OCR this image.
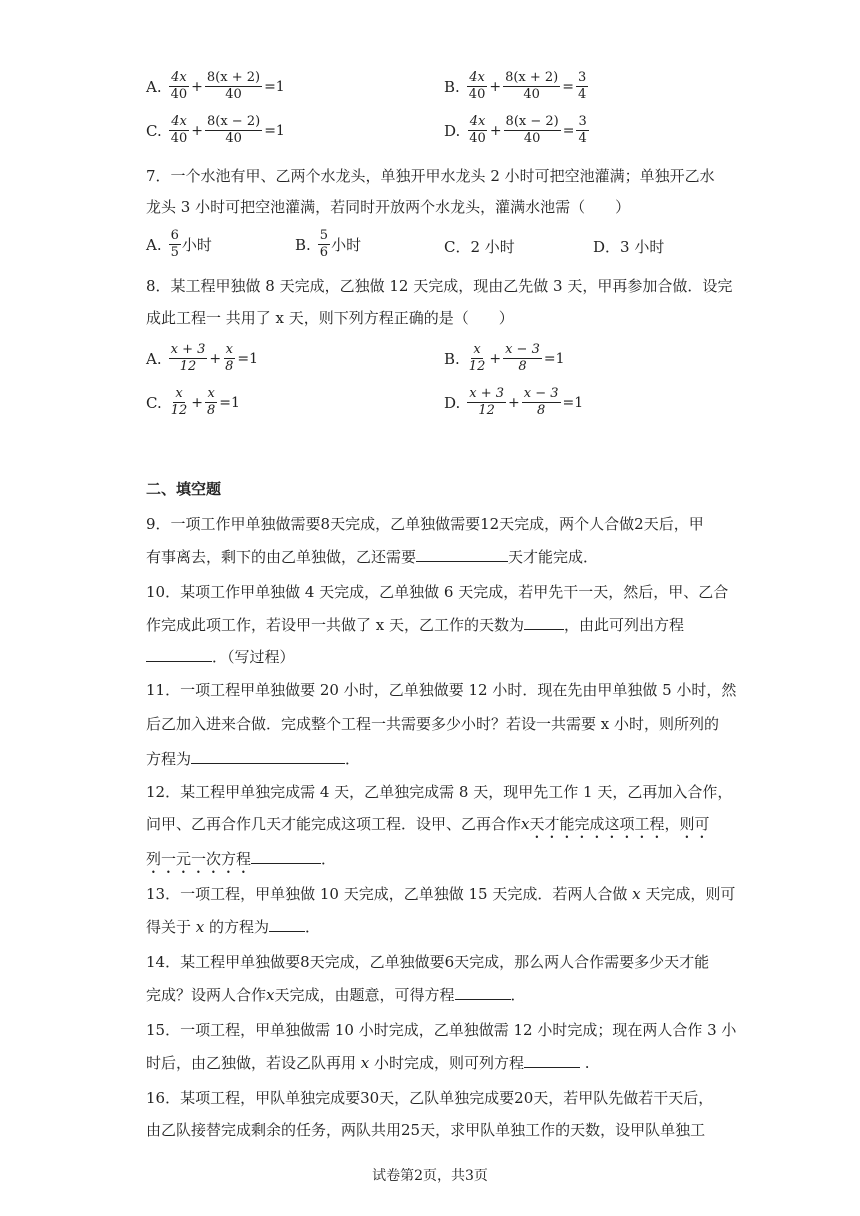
A. $\frac{4x}{40} + \frac{8(x + 2)}{40} =1$	B. $\frac{4x}{40} + \frac{8(x + 2)}{40} = \frac{3}{4}$
C. $\frac{4x}{40} + \frac{8(x - 2)}{40} =1$	D. $\frac{4x}{40} + \frac{8(x - 2)}{40} = \frac{3}{4}$
7．一个水池有甲、乙两个水龙头，单独开甲水龙头 2 小时可把空池灌满；单独开乙水
龙头 3 小时可把空池灌满，若同时开放两个水龙头，灌满水池需（　　）
A. $\frac{6}{5}$ 小时	B. $\frac{5}{6}$ 小时	C．2 小时	D．3 小时
8．某工程甲独做 8 天完成，乙独做 12 天完成，现由乙先做 3 天，甲再参加合做．设完
成此工程一 共用了 x 天，则下列方程正确的是（　　）
A. $\frac{x + 3}{12} + \frac{x}{8} =1$	B. $\frac{x}{12} + \frac{x - 3}{8} =1$
C. $\frac{x}{12} + \frac{x}{8} =1$	D. $\frac{x + 3}{12} + \frac{x - 3}{8} =1$
二、填空题
9．一项工作甲单独做需要8天完成，乙单独做需要12天完成，两个人合做2天后，甲
有事离去，剩下的由乙单独做，乙还需要	天才能完成．
10．某项工作甲单独做 4 天完成，乙单独做 6 天完成，若甲先干一天，然后，甲、乙合
作完成此项工作，若设甲一共做了 x 天，乙工作的天数为	，由此可列出方程
．（写过程）
11．一项工程甲单独做要 20 小时，乙单独做要 12 小时．现在先由甲单独做 5 小时，然
后乙加入进来合做．完成整个工程一共需要多少小时？若设一共需要 x 小时，则所列的
方程为	．
12．某工程甲单独完成需 4 天，乙单独完成需 8 天，现甲先工作 1 天，乙再加入合作，
问甲、乙再合作几天才能完成这项工程．设甲、乙再合作x天才能完成这项工程，则可
列一元一次方程	．
13．一项工程，甲单独做 10 天完成，乙单独做 15 天完成．若两人合做 x 天完成，则可
得关于 x 的方程为 ．
14．某工程甲单独做要8天完成，乙单独做要6天完成，那么两人合作需要多少天才能
完成？设两人合作x天完成，由题意，可得方程	．
15．一项工程，甲单独做需 10 小时完成，乙单独做需 12 小时完成；现在两人合作 3 小
时后，由乙独做，若设乙队再用 x 小时完成，则可列方程	.
16．某项工程，甲队单独完成要30天，乙队单独完成要20天，若甲队先做若干天后，
由乙队接替完成剩余的任务，两队共用25天，求甲队单独工作的天数，设甲队单独工
试卷第2页，共3页
